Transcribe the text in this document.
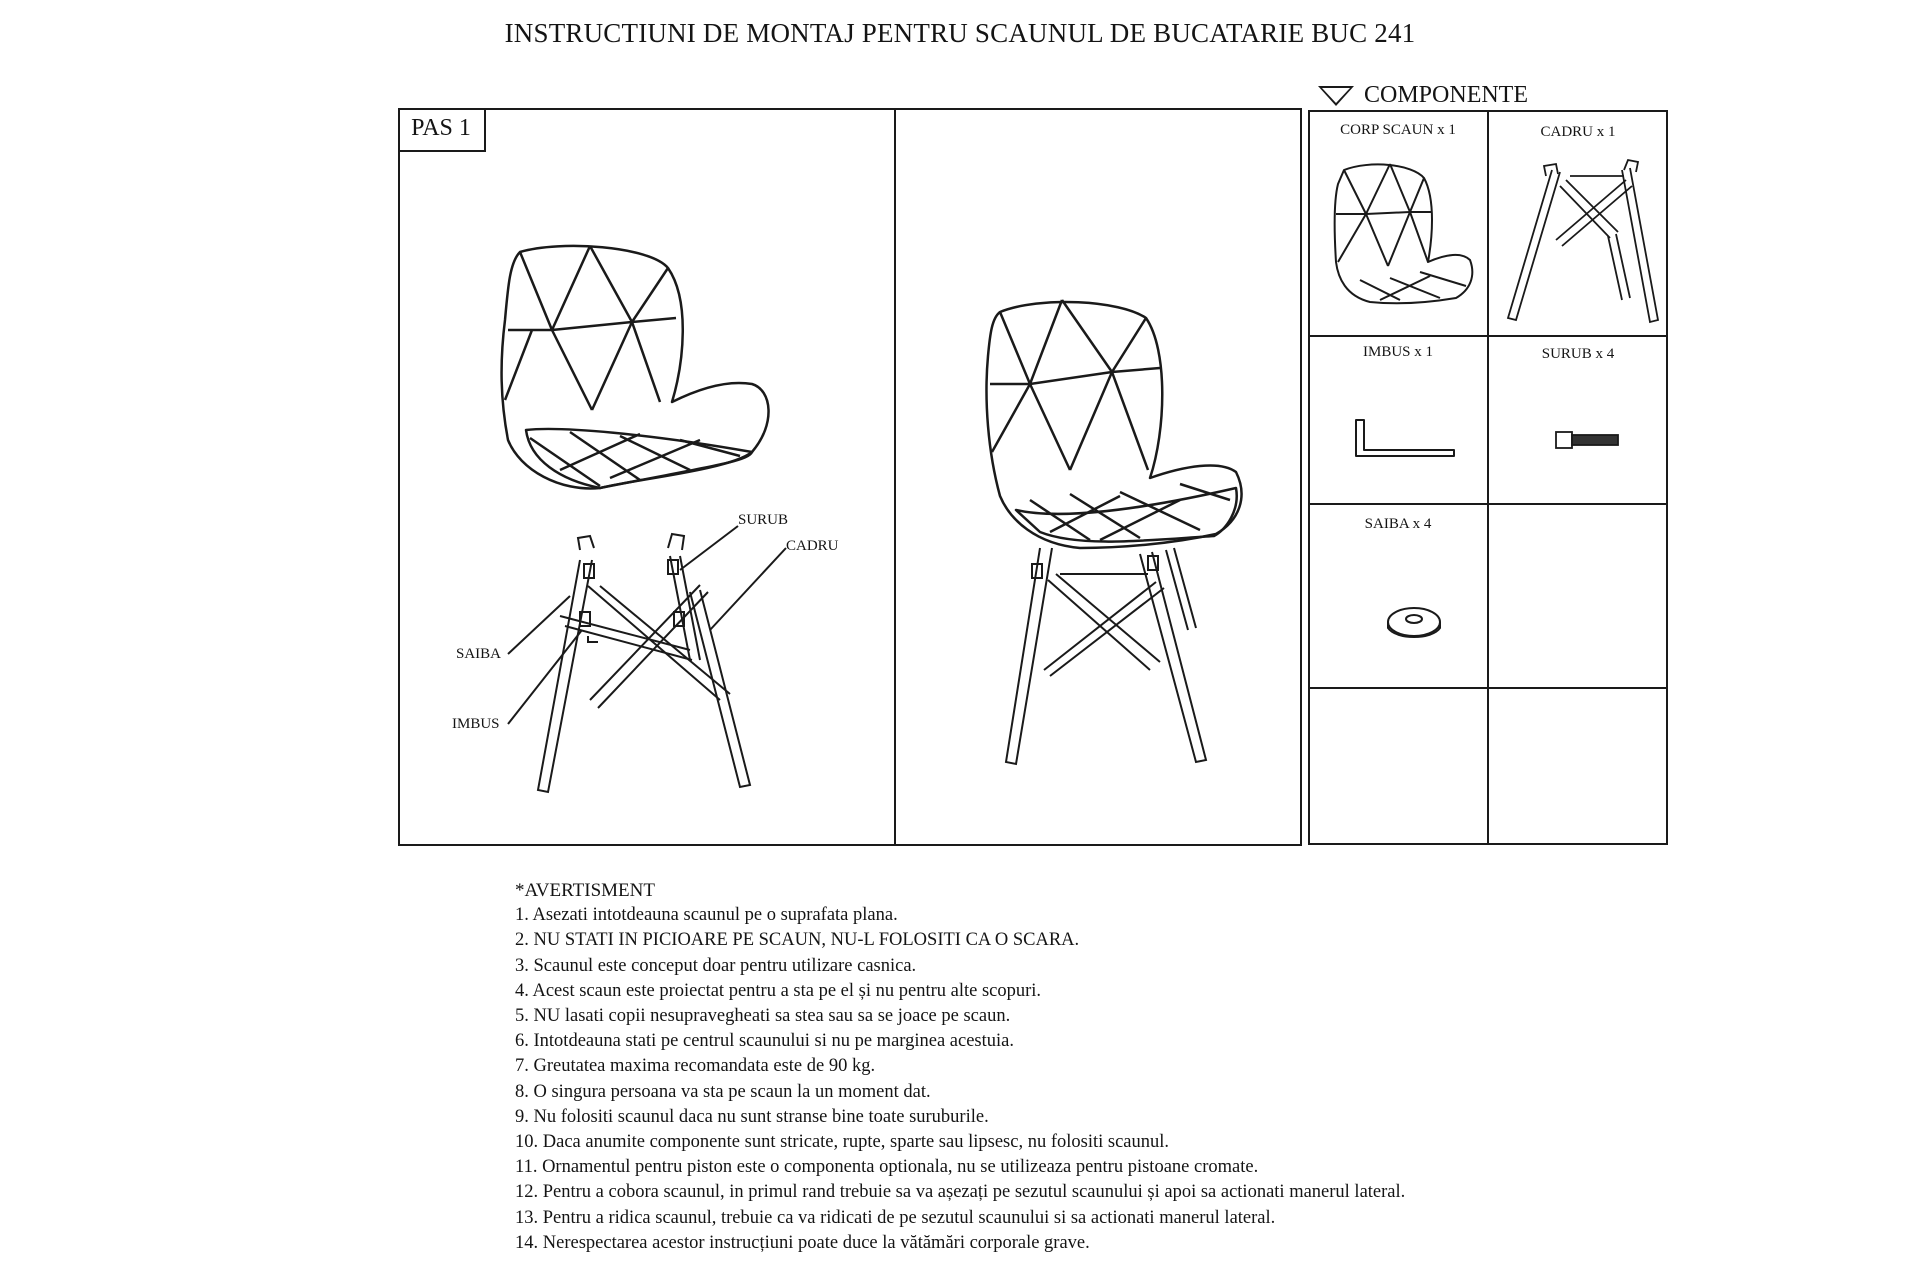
INSTRUCTIUNI DE MONTAJ PENTRU SCAUNUL DE BUCATARIE BUC 241
PAS 1
SURUB
CADRU
SAIBA
IMBUS
COMPONENTE
CORP SCAUN x 1	CADRU x 1
IMBUS x 1	SURUB x 4
SAIBA x 4
*AVERTISMENT
1. Asezati intotdeauna scaunul pe o suprafata plana.
2. NU STATI IN PICIOARE PE SCAUN, NU-L FOLOSITI CA O SCARA.
3. Scaunul este conceput doar pentru utilizare casnica.
4. Acest scaun este proiectat pentru a sta pe el și nu pentru alte scopuri.
5. NU lasati copii nesupravegheati sa stea sau sa se joace pe scaun.
6. Intotdeauna stati pe centrul scaunului si nu pe marginea acestuia.
7. Greutatea maxima recomandata este de 90 kg.
8. O singura persoana va sta pe scaun la un moment dat.
9. Nu folositi scaunul daca nu sunt stranse bine toate suruburile.
10. Daca anumite componente sunt stricate, rupte, sparte sau lipsesc, nu folositi scaunul.
11. Ornamentul pentru piston este o componenta optionala, nu se utilizeaza pentru pistoane cromate.
12. Pentru a cobora scaunul, in primul rand trebuie sa va așezați pe sezutul scaunului și apoi sa actionati manerul lateral.
13. Pentru a ridica scaunul, trebuie ca va ridicati de pe sezutul scaunului si sa actionati manerul lateral.
14. Nerespectarea acestor instrucțiuni poate duce la vătămări corporale grave.
